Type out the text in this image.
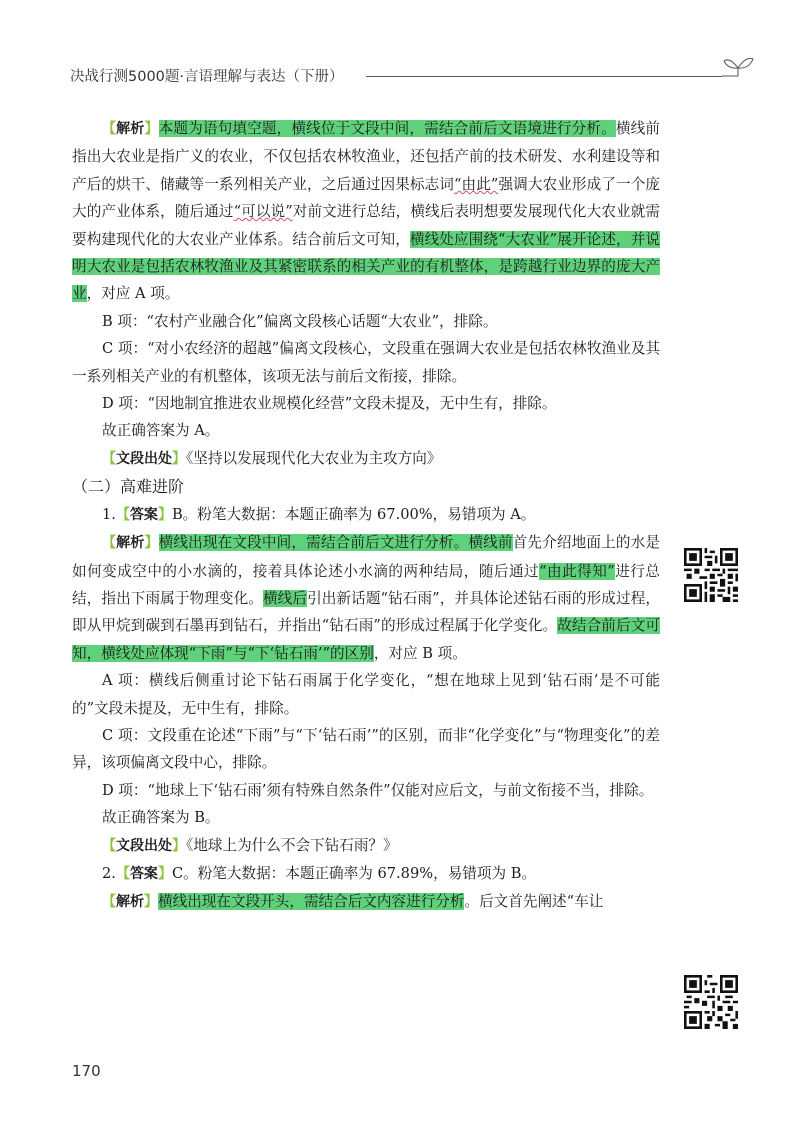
决战行测5000题·言语理解与表达（下册）

【解析】本题为语句填空题，横线位于文段中间，需结合前后文语境进行分析。横线前指出大农业是指广义的农业，不仅包括农林牧渔业，还包括产前的技术研发、水利建设等和产后的烘干、储藏等一系列相关产业，之后通过因果标志词“由此”强调大农业形成了一个庞大的产业体系，随后通过“可以说”对前文进行总结，横线后表明想要发展现代化大农业就需要构建现代化的大农业产业体系。结合前后文可知，横线处应围绕“大农业”展开论述，并说明大农业是包括农林牧渔业及其紧密联系的相关产业的有机整体，是跨越行业边界的庞大产业，对应 A 项。

B 项：“农村产业融合化”偏离文段核心话题“大农业”，排除。

C 项：“对小农经济的超越”偏离文段核心，文段重在强调大农业是包括农林牧渔业及其一系列相关产业的有机整体，该项无法与前后文衔接，排除。

D 项：“因地制宜推进农业规模化经营”文段未提及，无中生有，排除。

故正确答案为 A。

【文段出处】《坚持以发展现代化大农业为主攻方向》

（二）高难进阶

1.【答案】B。粉笔大数据：本题正确率为 67.00%，易错项为 A。

【解析】横线出现在文段中间，需结合前后文进行分析。横线前首先介绍地面上的水是如何变成空中的小水滴的，接着具体论述小水滴的两种结局，随后通过“由此得知”进行总结，指出下雨属于物理变化。横线后引出新话题“钻石雨”，并具体论述钻石雨的形成过程，即从甲烷到碳到石墨再到钻石，并指出“钻石雨”的形成过程属于化学变化。故结合前后文可知，横线处应体现“下雨”与“下‘钻石雨’”的区别，对应 B 项。

A 项：横线后侧重讨论下钻石雨属于化学变化，“想在地球上见到‘钻石雨’是不可能的”文段未提及，无中生有，排除。

C 项：文段重在论述“下雨”与“下‘钻石雨’”的区别，而非“化学变化”与“物理变化”的差异，该项偏离文段中心，排除。

D 项：“地球上下‘钻石雨’须有特殊自然条件”仅能对应后文，与前文衔接不当，排除。

故正确答案为 B。

【文段出处】《地球上为什么不会下钻石雨？》

2.【答案】C。粉笔大数据：本题正确率为 67.89%，易错项为 B。

【解析】横线出现在文段开头，需结合后文内容进行分析。后文首先阐述“车让

170
